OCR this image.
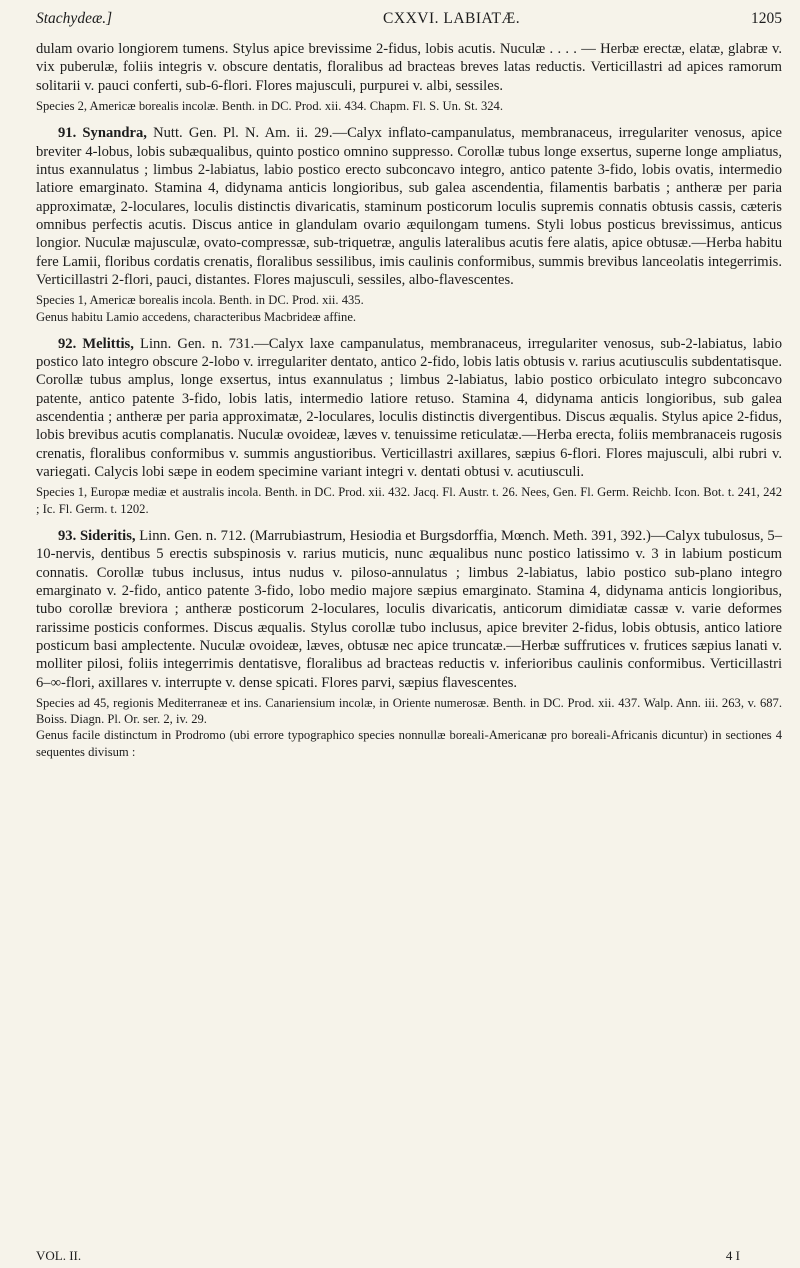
Stachydeæ.]	CXXVI. LABIATÆ.	1205

dulam ovario longiorem tumens. Stylus apice brevissime 2-fidus, lobis acutis. Nuculæ . . . . — Herbæ erectæ, elatæ, glabræ v. vix puberulæ, foliis integris v. obscure dentatis, floralibus ad bracteas breves latas reductis. Verticillastri ad apices ramorum solitarii v. pauci conferti, sub-6-flori. Flores majusculi, purpurei v. albi, sessiles.

Species 2, Americæ borealis incolæ. Benth. in DC. Prod. xii. 434. Chapm. Fl. S. Un. St. 324.

91. Synandra, Nutt. Gen. Pl. N. Am. ii. 29.—Calyx inflato-campanulatus, membranaceus, irregulariter venosus, apice breviter 4-lobus, lobis subæqualibus, quinto postico omnino suppresso. Corollæ tubus longe exsertus, superne longe ampliatus, intus exannulatus ; limbus 2-labiatus, labio postico erecto subconcavo integro, antico patente 3-fido, lobis ovatis, intermedio latiore emarginato. Stamina 4, didynama anticis longioribus, sub galea ascendentia, filamentis barbatis ; antheræ per paria approximatæ, 2-loculares, loculis distinctis divaricatis, staminum posticorum loculis supremis connatis obtusis cassis, cæteris omnibus perfectis acutis. Discus antice in glandulam ovario æquilongam tumens. Styli lobus posticus brevissimus, anticus longior. Nuculæ majusculæ, ovato-compressæ, sub-triquetræ, angulis lateralibus acutis fere alatis, apice obtusæ.—Herba habitu fere Lamii, floribus cordatis crenatis, floralibus sessilibus, imis caulinis conformibus, summis brevibus lanceolatis integerrimis. Verticillastri 2-flori, pauci, distantes. Flores majusculi, sessiles, albo-flavescentes.

Species 1, Americæ borealis incola. Benth. in DC. Prod. xii. 435.

Genus habitu Lamio accedens, characteribus Macbrideæ affine.

92. Melittis, Linn. Gen. n. 731.—Calyx laxe campanulatus, membranaceus, irregulariter venosus, sub-2-labiatus, labio postico lato integro obscure 2-lobo v. irregulariter dentato, antico 2-fido, lobis latis obtusis v. rarius acutiusculis subdentatisque. Corollæ tubus amplus, longe exsertus, intus exannulatus ; limbus 2-labiatus, labio postico orbiculato integro subconcavo patente, antico patente 3-fido, lobis latis, intermedio latiore retuso. Stamina 4, didynama anticis longioribus, sub galea ascendentia ; antheræ per paria approximatæ, 2-loculares, loculis distinctis divergentibus. Discus æqualis. Stylus apice 2-fidus, lobis brevibus acutis complanatis. Nuculæ ovoideæ, læves v. tenuissime reticulatæ.—Herba erecta, foliis membranaceis rugosis crenatis, floralibus conformibus v. summis angustioribus. Verticillastri axillares, sæpius 6-flori. Flores majusculi, albi rubri v. variegati. Calycis lobi sæpe in eodem specimine variant integri v. dentati obtusi v. acutiusculi.

Species 1, Europæ mediæ et australis incola. Benth. in DC. Prod. xii. 432. Jacq. Fl. Austr. t. 26. Nees, Gen. Fl. Germ. Reichb. Icon. Bot. t. 241, 242 ; Ic. Fl. Germ. t. 1202.

93. Sideritis, Linn. Gen. n. 712. (Marrubiastrum, Hesiodia et Burgsdorffia, Mœnch. Meth. 391, 392.)—Calyx tubulosus, 5–10-nervis, dentibus 5 erectis subspinosis v. rarius muticis, nunc æqualibus nunc postico latissimo v. 3 in labium posticum connatis. Corollæ tubus inclusus, intus nudus v. piloso-annulatus ; limbus 2-labiatus, labio postico sub-plano integro emarginato v. 2-fido, antico patente 3-fido, lobo medio majore sæpius emarginato. Stamina 4, didynama anticis longioribus, tubo corollæ breviora ; antheræ posticorum 2-loculares, loculis divaricatis, anticorum dimidiatæ cassæ v. varie deformes rarissime posticis conformes. Discus æqualis. Stylus corollæ tubo inclusus, apice breviter 2-fidus, lobis obtusis, antico latiore posticum basi amplectente. Nuculæ ovoideæ, læves, obtusæ nec apice truncatæ.—Herbæ suffrutices v. frutices sæpius lanati v. molliter pilosi, foliis integerrimis dentatisve, floralibus ad bracteas reductis v. inferioribus caulinis conformibus. Verticillastri 6–∞-flori, axillares v. interrupte v. dense spicati. Flores parvi, sæpius flavescentes.

Species ad 45, regionis Mediterraneæ et ins. Canariensium incolæ, in Oriente numerosæ. Benth. in DC. Prod. xii. 437. Walp. Ann. iii. 263, v. 687. Boiss. Diagn. Pl. Or. ser. 2, iv. 29.

Genus facile distinctum in Prodromo (ubi errore typographico species nonnullæ boreali-Americanæ pro boreali-Africanis dicuntur) in sectiones 4 sequentes divisum :

VOL. II.	4 I
